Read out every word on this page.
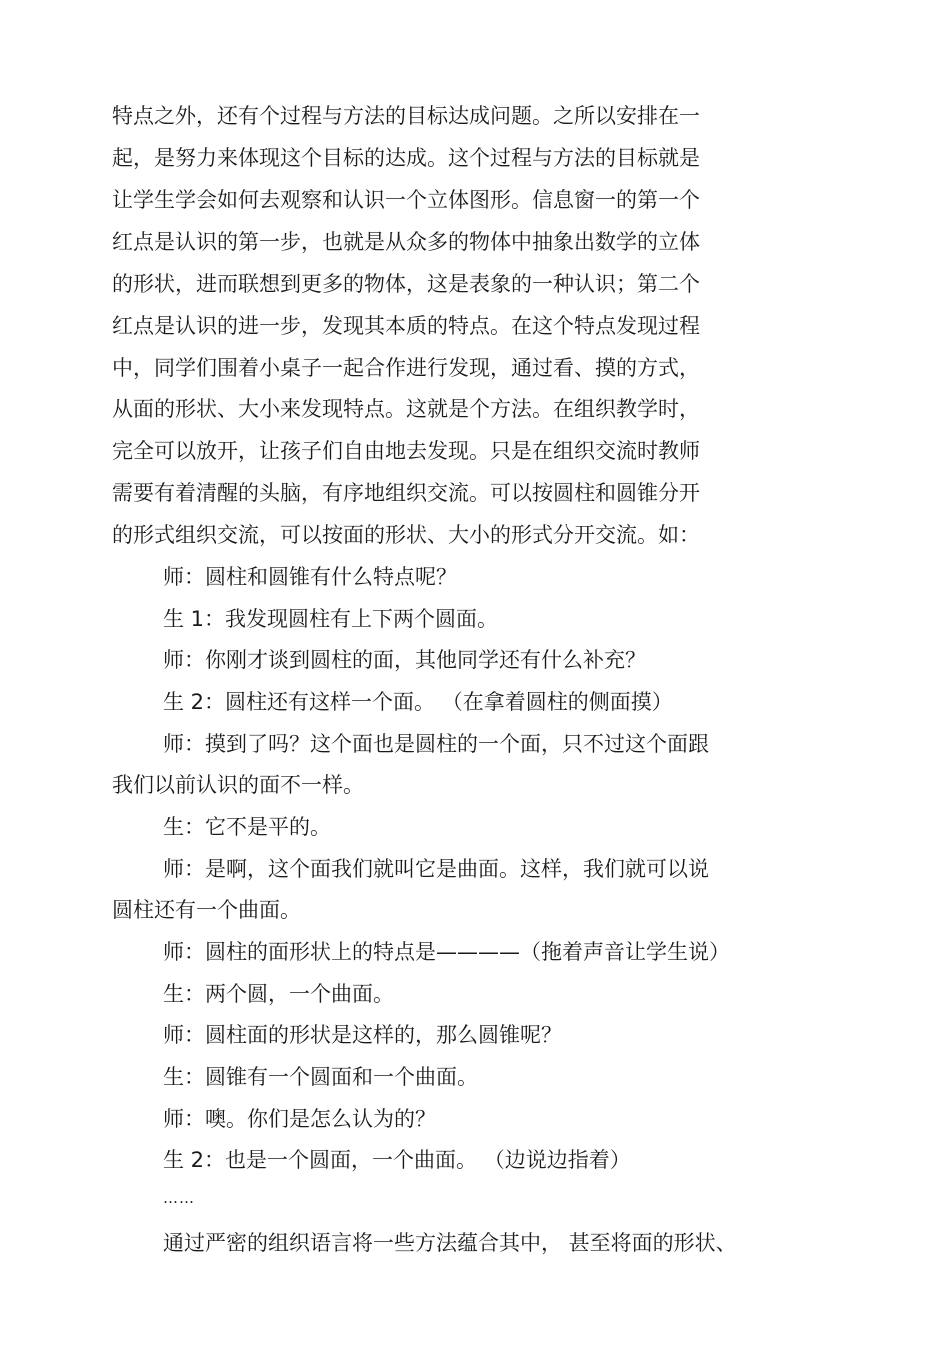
特点之外，还有个过程与方法的目标达成问题。之所以安排在一
起，是努力来体现这个目标的达成。这个过程与方法的目标就是
让学生学会如何去观察和认识一个立体图形。信息窗一的第一个
红点是认识的第一步，也就是从众多的物体中抽象出数学的立体
的形状，进而联想到更多的物体，这是表象的一种认识；第二个
红点是认识的进一步，发现其本质的特点。在这个特点发现过程
中，同学们围着小桌子一起合作进行发现，通过看、摸的方式，
从面的形状、大小来发现特点。这就是个方法。在组织教学时，
完全可以放开，让孩子们自由地去发现。只是在组织交流时教师
需要有着清醒的头脑，有序地组织交流。可以按圆柱和圆锥分开
的形式组织交流，可以按面的形状、大小的形式分开交流。如：
师：圆柱和圆锥有什么特点呢？
生 1：我发现圆柱有上下两个圆面。
师：你刚才谈到圆柱的面，其他同学还有什么补充？
生 2：圆柱还有这样一个面。 （在拿着圆柱的侧面摸）
师：摸到了吗？这个面也是圆柱的一个面，只不过这个面跟
我们以前认识的面不一样。
生：它不是平的。
师：是啊，这个面我们就叫它是曲面。这样，我们就可以说
圆柱还有一个曲面。
师：圆柱的面形状上的特点是————（拖着声音让学生说）
生：两个圆，一个曲面。
师：圆柱面的形状是这样的，那么圆锥呢？
生：圆锥有一个圆面和一个曲面。
师：噢。你们是怎么认为的？
生 2：也是一个圆面，一个曲面。 （边说边指着）
……
通过严密的组织语言将一些方法蕴合其中， 甚至将面的形状、
